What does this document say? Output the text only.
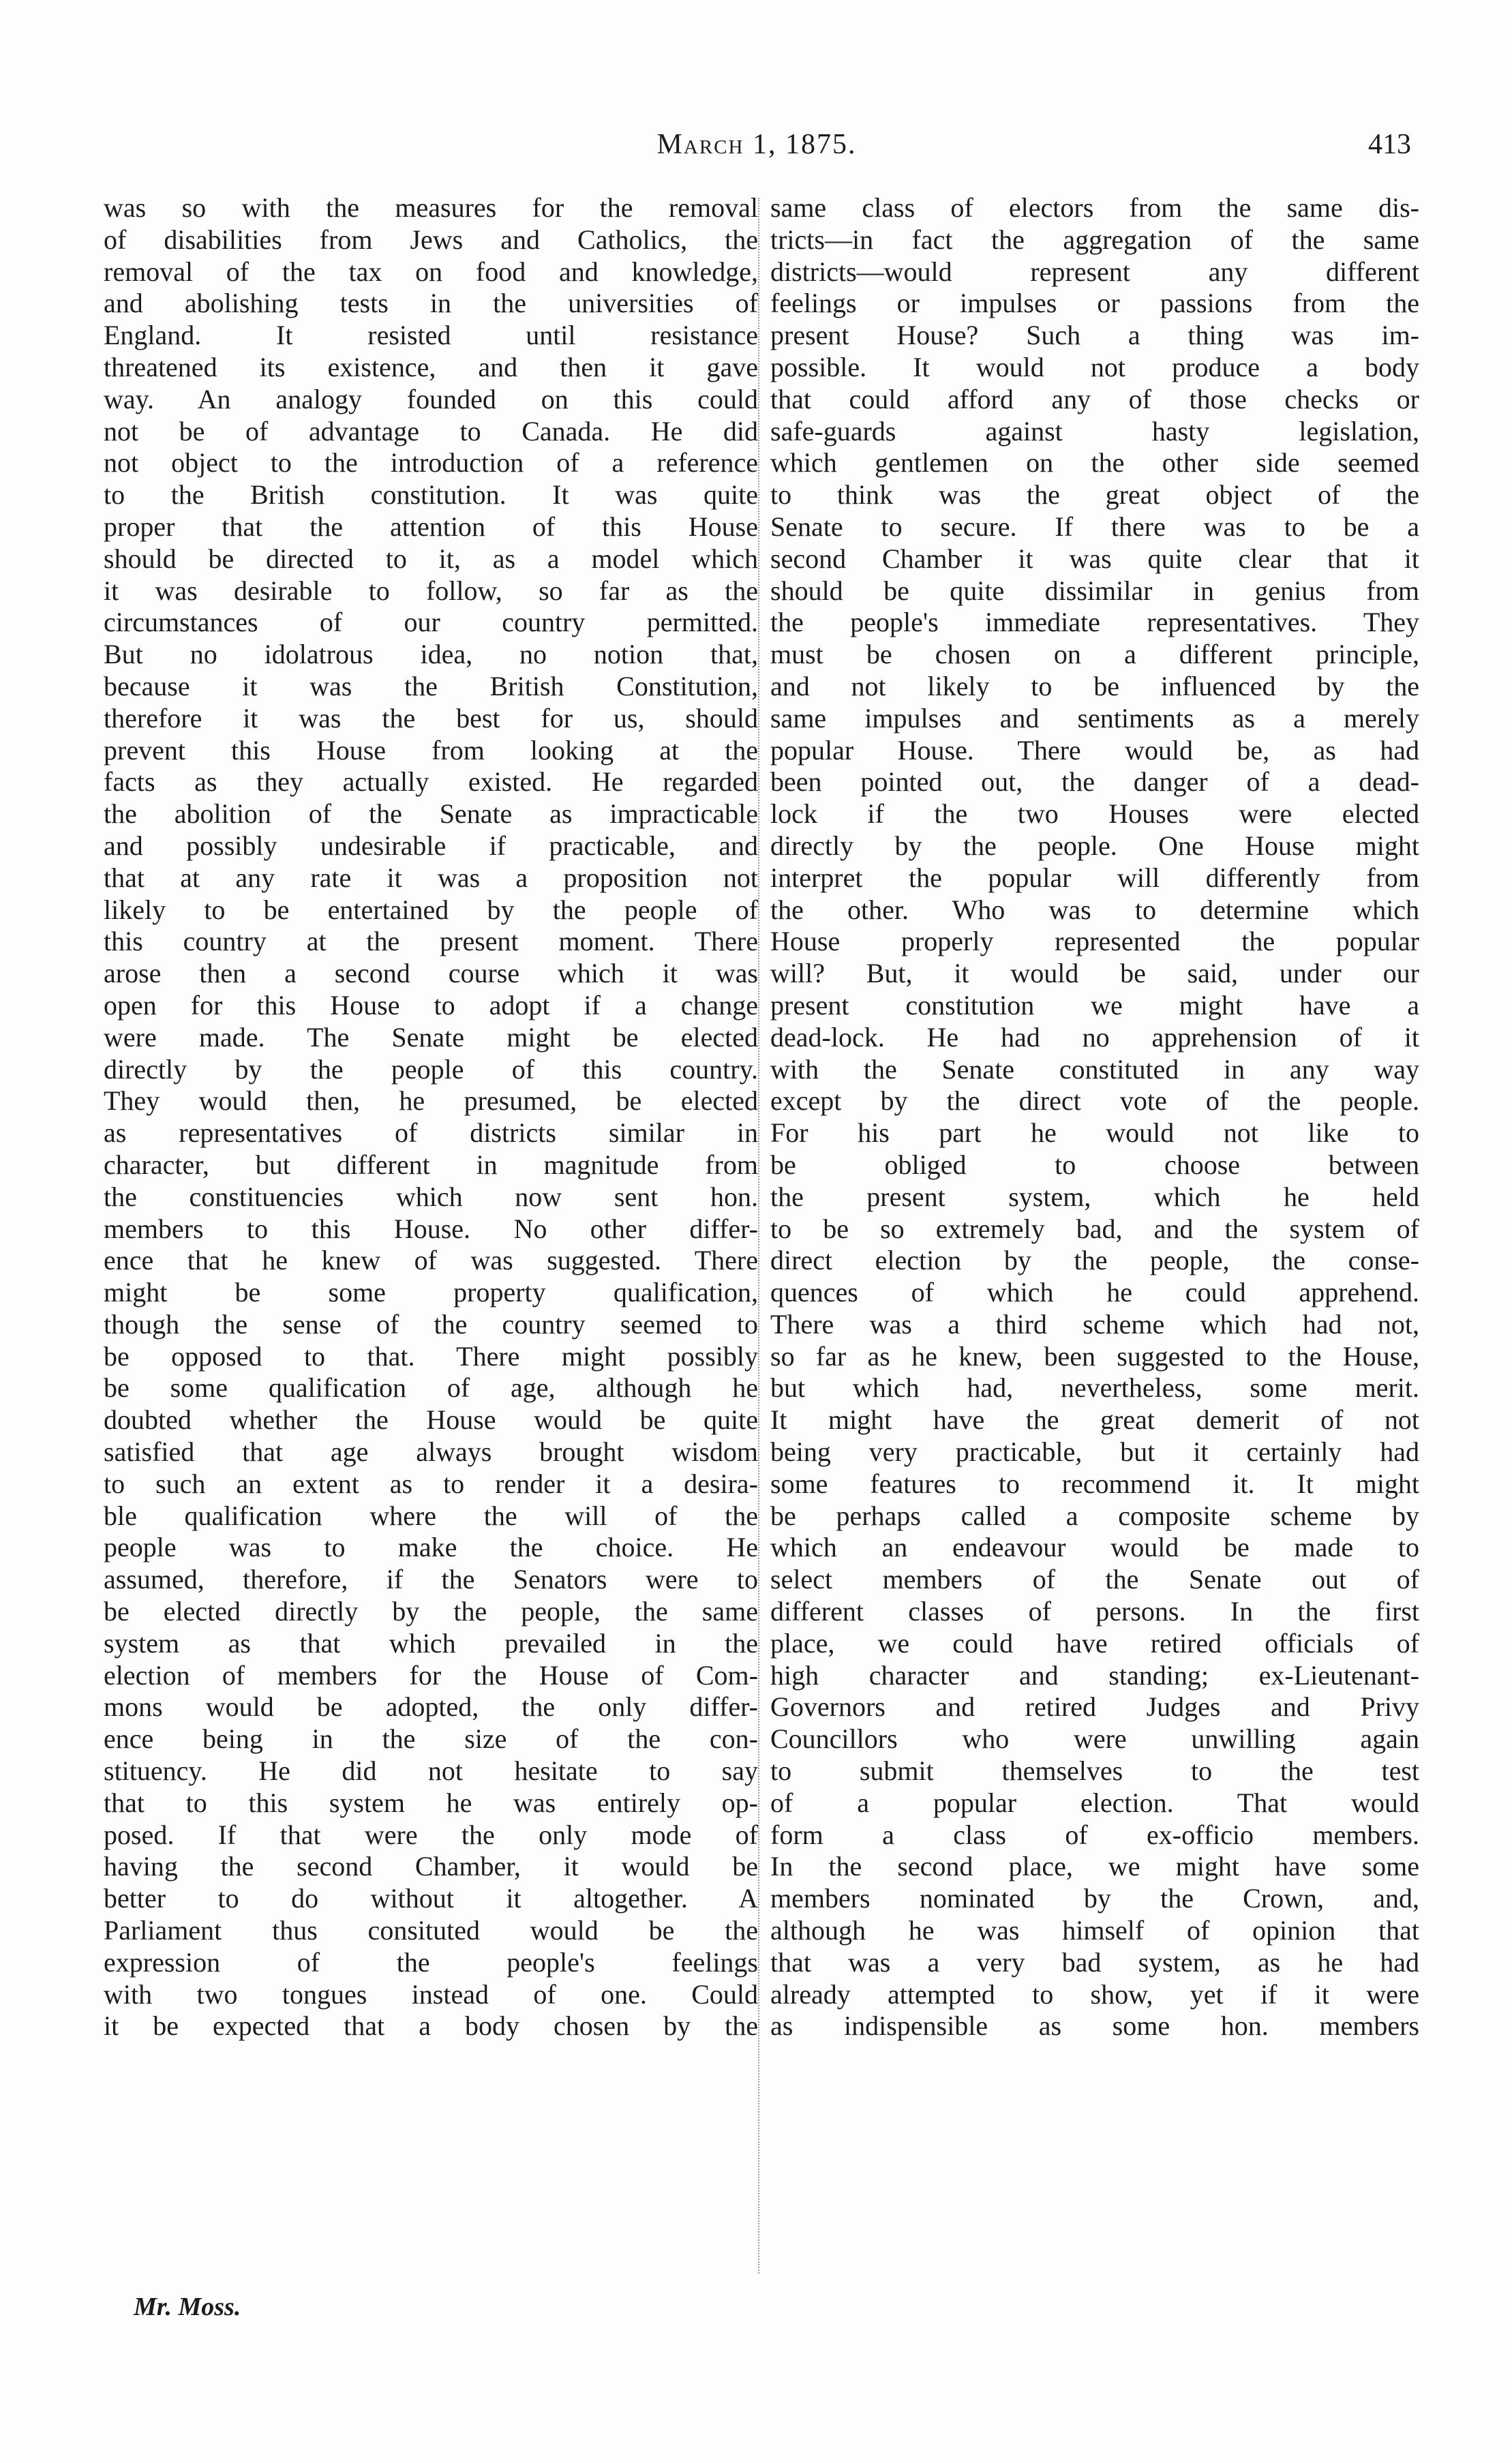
March 1, 1875.	413
was so with the measures for the removal
of disabilities from Jews and Catholics, the
removal of the tax on food and knowledge,
and abolishing tests in the universities of
England. It resisted until resistance
threatened its existence, and then it gave
way. An analogy founded on this could
not be of advantage to Canada. He did
not object to the introduction of a reference
to the British constitution. It was quite
proper that the attention of this House
should be directed to it, as a model which
it was desirable to follow, so far as the
circumstances of our country permitted.
But no idolatrous idea, no notion that,
because it was the British Constitution,
therefore it was the best for us, should
prevent this House from looking at the
facts as they actually existed. He regarded
the abolition of the Senate as impracticable
and possibly undesirable if practicable, and
that at any rate it was a proposition not
likely to be entertained by the people of
this country at the present moment. There
arose then a second course which it was
open for this House to adopt if a change
were made. The Senate might be elected
directly by the people of this country.
They would then, he presumed, be elected
as representatives of districts similar in
character, but different in magnitude from
the constituencies which now sent hon.
members to this House. No other differ-
ence that he knew of was suggested. There
might be some property qualification,
though the sense of the country seemed to
be opposed to that. There might possibly
be some qualification of age, although he
doubted whether the House would be quite
satisfied that age always brought wisdom
to such an extent as to render it a desira-
ble qualification where the will of the
people was to make the choice. He
assumed, therefore, if the Senators were to
be elected directly by the people, the same
system as that which prevailed in the
election of members for the House of Com-
mons would be adopted, the only differ-
ence being in the size of the con-
stituency. He did not hesitate to say
that to this system he was entirely op-
posed. If that were the only mode of
having the second Chamber, it would be
better to do without it altogether. A
Parliament thus consituted would be the
expression of the people's feelings
with two tongues instead of one. Could
it be expected that a body chosen by the
same class of electors from the same dis-
tricts—in fact the aggregation of the same
districts—would represent any different
feelings or impulses or passions from the
present House? Such a thing was im-
possible. It would not produce a body
that could afford any of those checks or
safe-guards against hasty legislation,
which gentlemen on the other side seemed
to think was the great object of the
Senate to secure. If there was to be a
second Chamber it was quite clear that it
should be quite dissimilar in genius from
the people's immediate representatives. They
must be chosen on a different principle,
and not likely to be influenced by the
same impulses and sentiments as a merely
popular House. There would be, as had
been pointed out, the danger of a dead-
lock if the two Houses were elected
directly by the people. One House might
interpret the popular will differently from
the other. Who was to determine which
House properly represented the popular
will? But, it would be said, under our
present constitution we might have a
dead-lock. He had no apprehension of it
with the Senate constituted in any way
except by the direct vote of the people.
For his part he would not like to
be obliged to choose between
the present system, which he held
to be so extremely bad, and the system of
direct election by the people, the conse-
quences of which he could apprehend.
There was a third scheme which had not,
so far as he knew, been suggested to the House,
but which had, nevertheless, some merit.
It might have the great demerit of not
being very practicable, but it certainly had
some features to recommend it. It might
be perhaps called a composite scheme by
which an endeavour would be made to
select members of the Senate out of
different classes of persons. In the first
place, we could have retired officials of
high character and standing; ex-Lieutenant-
Governors and retired Judges and Privy
Councillors who were unwilling again
to submit themselves to the test
of a popular election. That would
form a class of ex-officio members.
In the second place, we might have some
members nominated by the Crown, and,
although he was himself of opinion that
that was a very bad system, as he had
already attempted to show, yet if it were
as indispensible as some hon. members
Mr. Moss.
